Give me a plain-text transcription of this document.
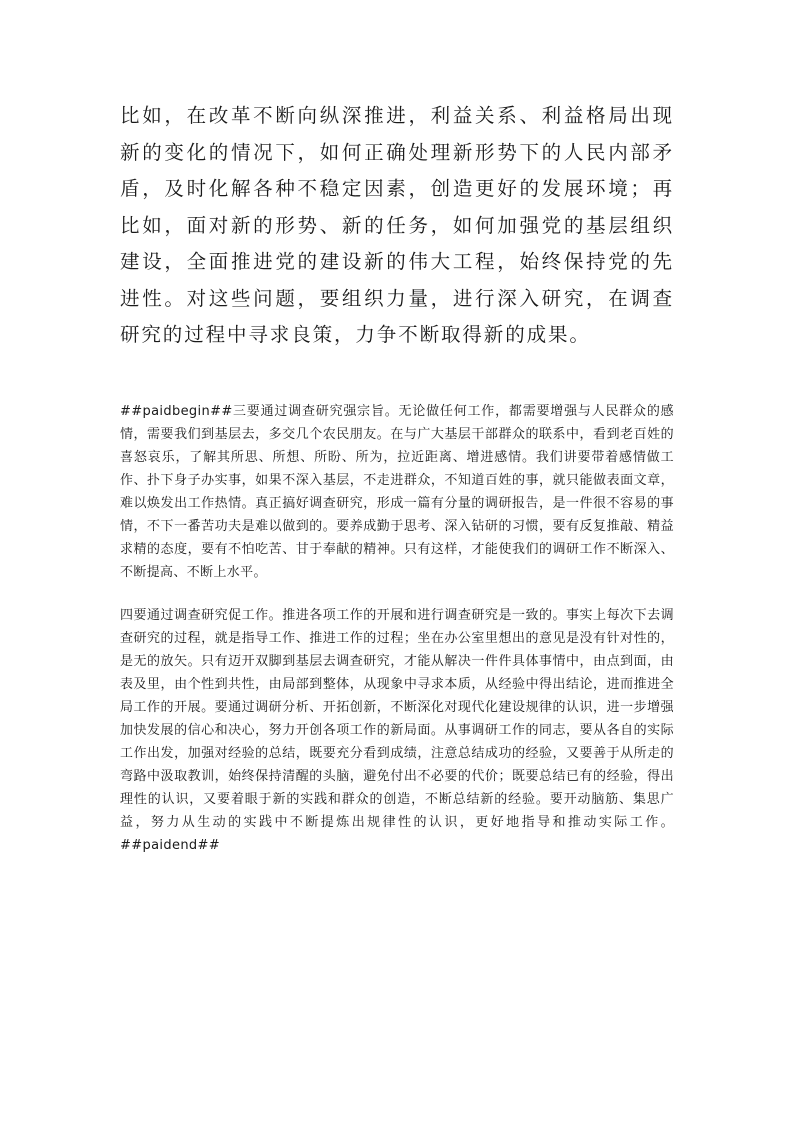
比如，在改革不断向纵深推进，利益关系、利益格局出现新的变化的情况下，如何正确处理新形势下的人民内部矛盾，及时化解各种不稳定因素，创造更好的发展环境；再比如，面对新的形势、新的任务，如何加强党的基层组织建设，全面推进党的建设新的伟大工程，始终保持党的先进性。对这些问题，要组织力量，进行深入研究，在调查研究的过程中寻求良策，力争不断取得新的成果。

##paidbegin##三要通过调查研究强宗旨。无论做任何工作，都需要增强与人民群众的感情，需要我们到基层去，多交几个农民朋友。在与广大基层干部群众的联系中，看到老百姓的喜怒哀乐，了解其所思、所想、所盼、所为，拉近距离、增进感情。我们讲要带着感情做工作、扑下身子办实事，如果不深入基层，不走进群众，不知道百姓的事，就只能做表面文章，难以焕发出工作热情。真正搞好调查研究，形成一篇有分量的调研报告，是一件很不容易的事情，不下一番苦功夫是难以做到的。要养成勤于思考、深入钻研的习惯，要有反复推敲、精益求精的态度，要有不怕吃苦、甘于奉献的精神。只有这样，才能使我们的调研工作不断深入、不断提高、不断上水平。

四要通过调查研究促工作。推进各项工作的开展和进行调查研究是一致的。事实上每次下去调查研究的过程，就是指导工作、推进工作的过程；坐在办公室里想出的意见是没有针对性的，是无的放矢。只有迈开双脚到基层去调查研究，才能从解决一件件具体事情中，由点到面，由表及里，由个性到共性，由局部到整体，从现象中寻求本质，从经验中得出结论，进而推进全局工作的开展。要通过调研分析、开拓创新，不断深化对现代化建设规律的认识，进一步增强加快发展的信心和决心，努力开创各项工作的新局面。从事调研工作的同志，要从各自的实际工作出发，加强对经验的总结，既要充分看到成绩，注意总结成功的经验，又要善于从所走的弯路中汲取教训，始终保持清醒的头脑，避免付出不必要的代价；既要总结已有的经验，得出理性的认识，又要着眼于新的实践和群众的创造，不断总结新的经验。要开动脑筋、集思广益，努力从生动的实践中不断提炼出规律性的认识，更好地指导和推动实际工作。##paidend##
